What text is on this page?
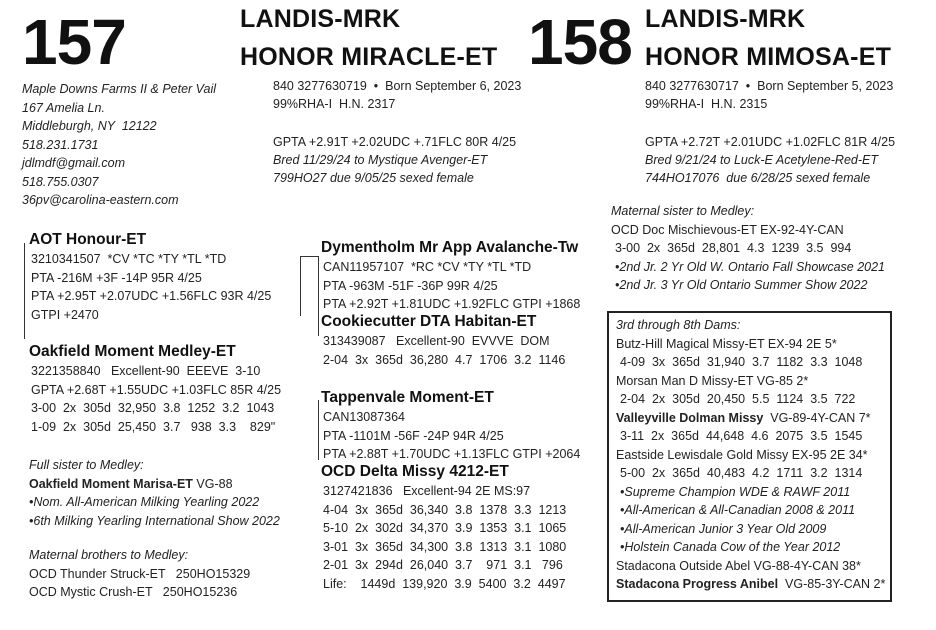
157	LANDIS-MRK
HONOR MIRACLE-ET
840 3277630719  •  Born September 6, 2023
99%RHA-I  H.N. 2317
GPTA +2.91T +2.02UDC +.71FLC 80R 4/25
Bred 11/29/24 to Mystique Avenger-ET
799HO27 due 9/05/25 sexed female
Maple Downs Farms II & Peter Vail
167 Amelia Ln.
Middleburgh, NY  12122
518.231.1731
jdlmdf@gmail.com
518.755.0307
36pv@carolina-eastern.com
AOT Honour-ET
3210341507  *CV *TC *TY *TL *TD
PTA -216M +3F -14P 95R 4/25
PTA +2.95T +2.07UDC +1.56FLC 93R 4/25
GTPI +2470
Oakfield Moment Medley-ET
3221358840   Excellent-90  EEEVE  3-10
GPTA +2.68T +1.55UDC +1.03FLC 85R 4/25
3-00  2x  305d  32,950  3.8  1252  3.2  1043
1-09  2x  305d  25,450  3.7   938  3.3    829"
Full sister to Medley:
Oakfield Moment Marisa-ET VG-88
•Nom. All-American Milking Yearling 2022
•6th Milking Yearling International Show 2022
Maternal brothers to Medley:
OCD Thunder Struck-ET   250HO15329
OCD Mystic Crush-ET   250HO15236
Dymentholm Mr App Avalanche-Tw
CAN11957107  *RC *CV *TY *TL *TD
PTA -963M -51F -36P 99R 4/25
PTA +2.92T +1.81UDC +1.92FLC GTPI +1868
Cookiecutter DTA Habitan-ET
313439087   Excellent-90  EVVVE  DOM
2-04  3x  365d  36,280  4.7  1706  3.2  1146
Tappenvale Moment-ET
CAN13087364
PTA -1101M -56F -24P 94R 4/25
PTA +2.88T +1.70UDC +1.13FLC GTPI +2064
OCD Delta Missy 4212-ET
3127421836   Excellent-94 2E MS:97
4-04  3x  365d  36,340  3.8  1378  3.3  1213
5-10  2x  302d  34,370  3.9  1353  3.1  1065
3-01  3x  365d  34,300  3.8  1313  3.1  1080
2-01  3x  294d  26,040  3.7    971  3.1   796
Life:    1449d  139,920  3.9  5400  3.2  4497
158 LANDIS-MRK
HONOR MIMOSA-ET
840 3277630717  •  Born September 5, 2023
99%RHA-I  H.N. 2315
GPTA +2.72T +2.01UDC +1.02FLC 81R 4/25
Bred 9/21/24 to Luck-E Acetylene-Red-ET
744HO17076  due 6/28/25 sexed female
Maternal sister to Medley:
OCD Doc Mischievous-ET EX-92-4Y-CAN
3-00  2x  365d  28,801  4.3  1239  3.5  994
•2nd Jr. 2 Yr Old W. Ontario Fall Showcase 2021
•2nd Jr. 3 Yr Old Ontario Summer Show 2022
3rd through 8th Dams:
Butz-Hill Magical Missy-ET EX-94 2E 5*
4-09  3x  365d  31,940  3.7  1182  3.3  1048
Morsan Man D Missy-ET VG-85 2*
2-04  2x  305d  20,450  5.5  1124  3.5  722
Valleyville Dolman Missy VG-89-4Y-CAN 7*
3-11  2x  365d  44,648  4.6  2075  3.5  1545
Eastside Lewisdale Gold Missy EX-95 2E 34*
5-00  2x  365d  40,483  4.2  1711  3.2  1314
•Supreme Champion WDE & RAWF 2011
•All-American & All-Canadian 2008 & 2011
•All-American Junior 3 Year Old 2009
•Holstein Canada Cow of the Year 2012
Stadacona Outside Abel VG-88-4Y-CAN 38*
Stadacona Progress Anibel VG-85-3Y-CAN 2*
